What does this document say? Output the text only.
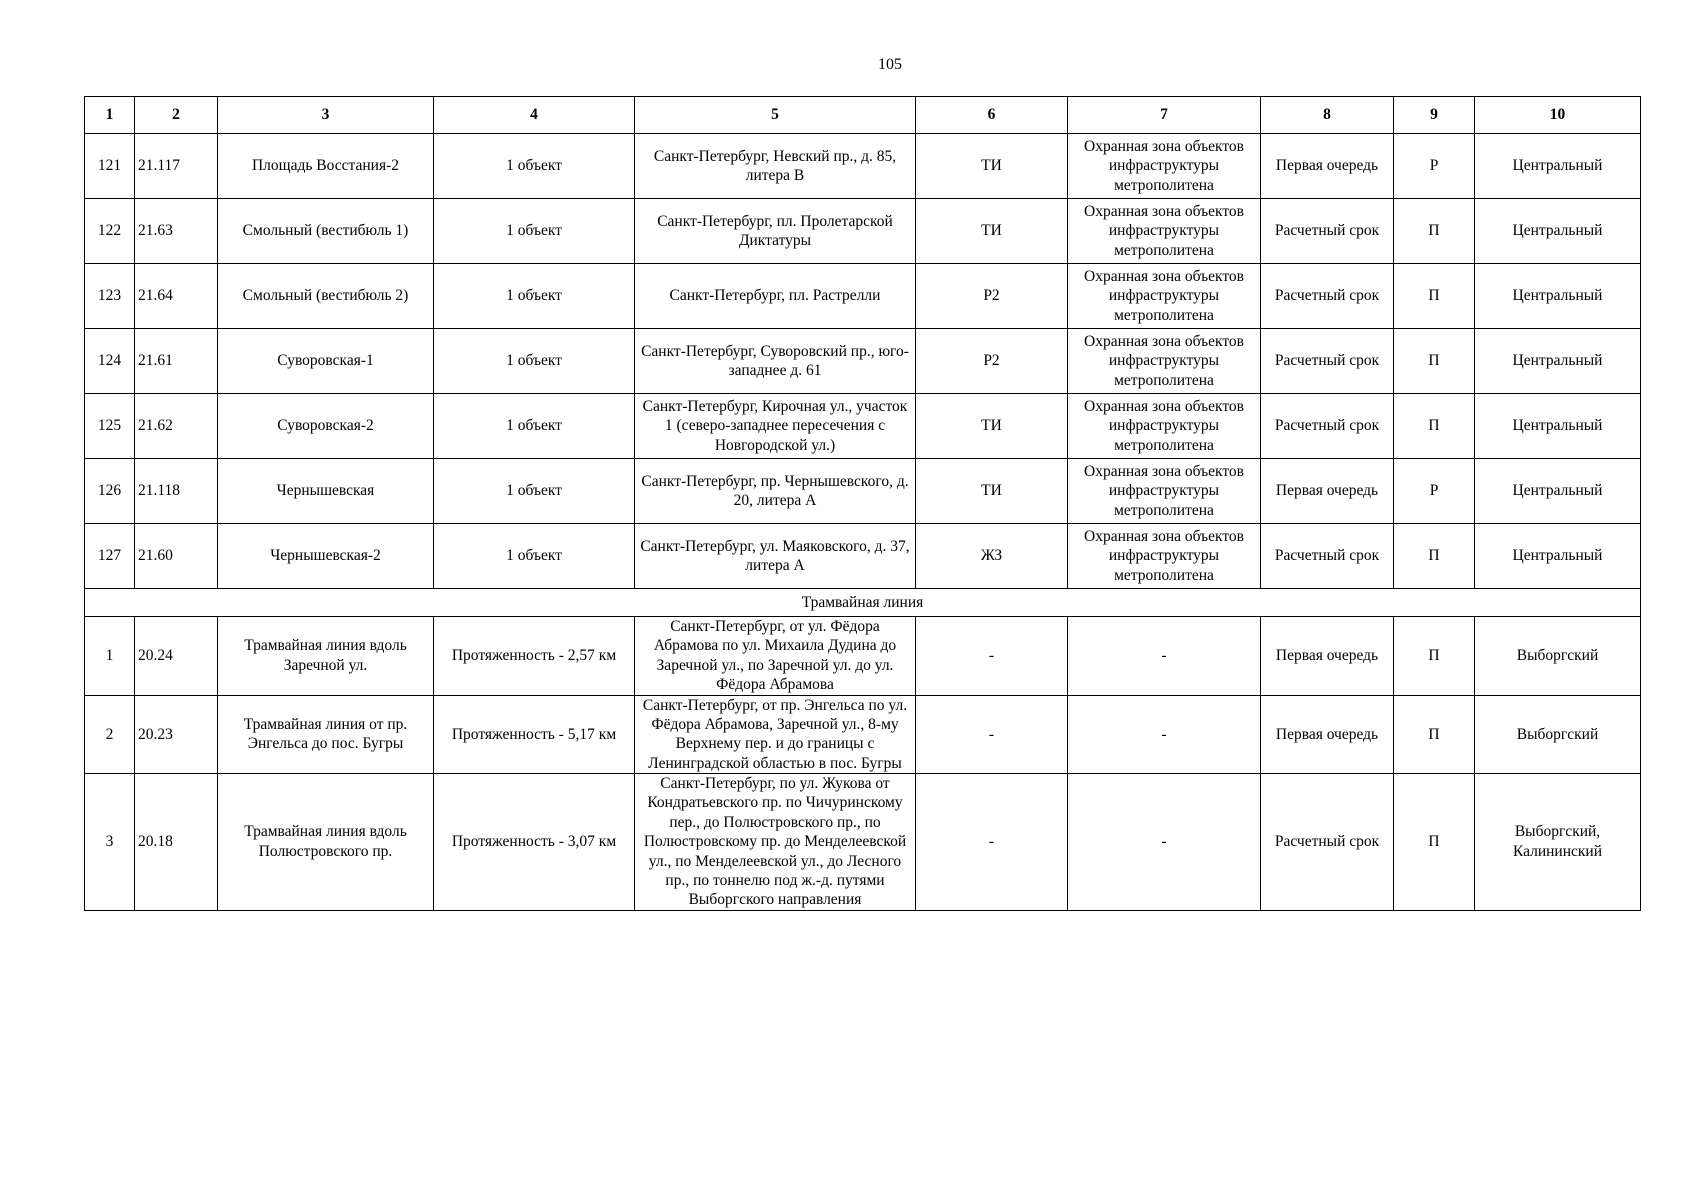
105
1	2	3	4	5	6	7	8	9	10
121	21.117	Площадь Восстания-2	1 объект	Санкт-Петербург, Невский пр., д. 85, литера В	ТИ	Охранная зона объектов инфраструктуры метрополитена	Первая очередь	Р	Центральный
122	21.63	Смольный (вестибюль 1)	1 объект	Санкт-Петербург, пл. Пролетарской Диктатуры	ТИ	Охранная зона объектов инфраструктуры метрополитена	Расчетный срок	П	Центральный
123	21.64	Смольный (вестибюль 2)	1 объект	Санкт-Петербург, пл. Растрелли	Р2	Охранная зона объектов инфраструктуры метрополитена	Расчетный срок	П	Центральный
124	21.61	Суворовская-1	1 объект	Санкт-Петербург, Суворовский пр., юго-западнее д. 61	Р2	Охранная зона объектов инфраструктуры метрополитена	Расчетный срок	П	Центральный
125	21.62	Суворовская-2	1 объект	Санкт-Петербург, Кирочная ул., участок 1 (северо-западнее пересечения с Новгородской ул.)	ТИ	Охранная зона объектов инфраструктуры метрополитена	Расчетный срок	П	Центральный
126	21.118	Чернышевская	1 объект	Санкт-Петербург, пр. Чернышевского, д. 20, литера А	ТИ	Охранная зона объектов инфраструктуры метрополитена	Первая очередь	Р	Центральный
127	21.60	Чернышевская-2	1 объект	Санкт-Петербург, ул. Маяковского, д. 37, литера А	ЖЗ	Охранная зона объектов инфраструктуры метрополитена	Расчетный срок	П	Центральный
Трамвайная линия									
1	20.24	Трамвайная линия вдоль Заречной ул.	Протяженность - 2,57 км	Санкт-Петербург, от ул. Фёдора Абрамова по ул. Михаила Дудина до Заречной ул., по Заречной ул. до ул. Фёдора Абрамова	-	-	Первая очередь	П	Выборгский
2	20.23	Трамвайная линия от пр. Энгельса до пос. Бугры	Протяженность - 5,17 км	Санкт-Петербург, от пр. Энгельса по ул. Фёдора Абрамова, Заречной ул., 8-му Верхнему пер. и до границы с Ленинградской областью в пос. Бугры	-	-	Первая очередь	П	Выборгский
3	20.18	Трамвайная линия вдоль Полюстровского пр.	Протяженность - 3,07 км	Санкт-Петербург, по ул. Жукова от Кондратьевского пр. по Чичуринскому пер., до Полюстровского пр., по Полюстровскому пр. до Менделеевской ул., по Менделеевской ул., до Лесного пр., по тоннелю под ж.-д. путями Выборгского направления	-	-	Расчетный срок	П	Выборгский, Калининский
